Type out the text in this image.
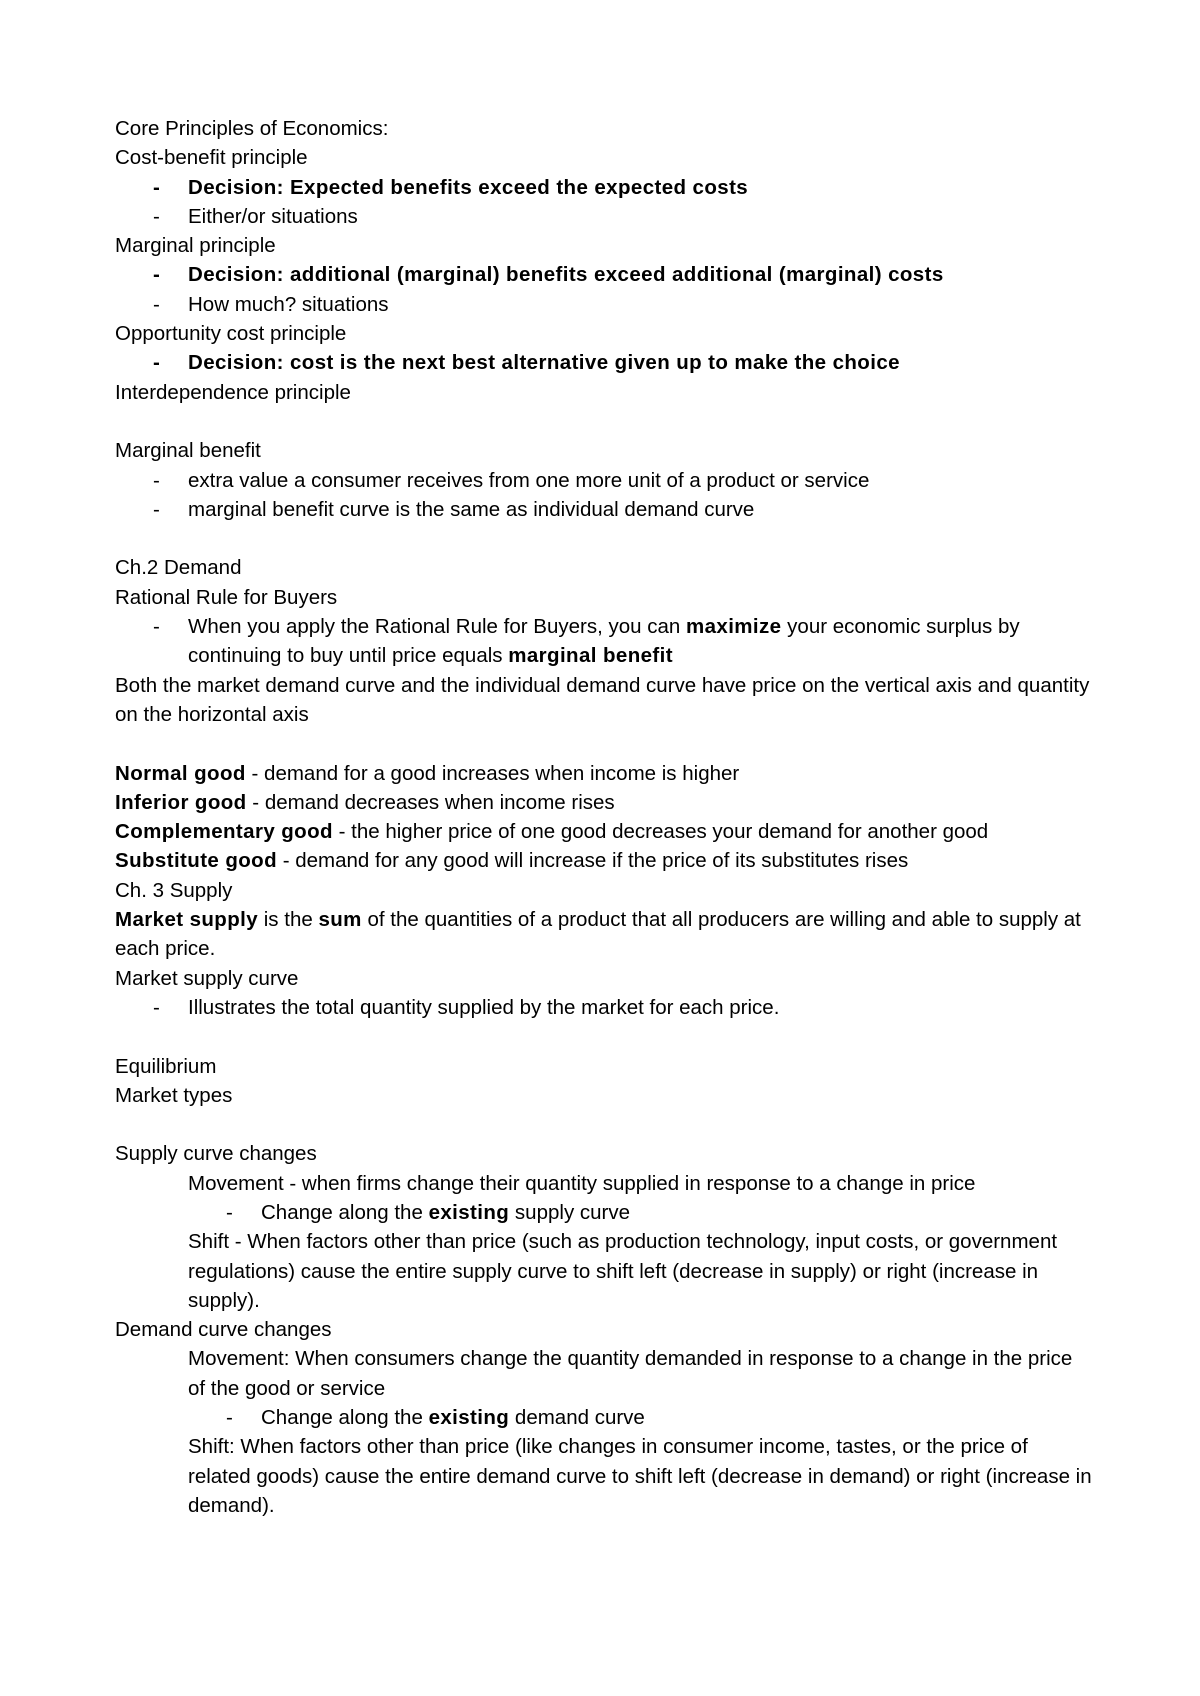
Core Principles of Economics:
Cost-benefit principle
- Decision: Expected benefits exceed the expected costs
- Either/or situations
Marginal principle
- Decision: additional (marginal) benefits exceed additional (marginal) costs
- How much? situations
Opportunity cost principle
- Decision: cost is the next best alternative given up to make the choice
Interdependence principle
Marginal benefit
- extra value a consumer receives from one more unit of a product or service
- marginal benefit curve is the same as individual demand curve
Ch.2 Demand
Rational Rule for Buyers
- When you apply the Rational Rule for Buyers, you can maximize your economic surplus by continuing to buy until price equals marginal benefit
Both the market demand curve and the individual demand curve have price on the vertical axis and quantity on the horizontal axis
Normal good - demand for a good increases when income is higher
Inferior good - demand decreases when income rises
Complementary good - the higher price of one good decreases your demand for another good
Substitute good - demand for any good will increase if the price of its substitutes rises
Ch. 3 Supply
Market supply is the sum of the quantities of a product that all producers are willing and able to supply at each price.
Market supply curve
- Illustrates the total quantity supplied by the market for each price.
Equilibrium
Market types
Supply curve changes
Movement - when firms change their quantity supplied in response to a change in price
- Change along the existing supply curve
Shift - When factors other than price (such as production technology, input costs, or government regulations) cause the entire supply curve to shift left (decrease in supply) or right (increase in supply).
Demand curve changes
Movement: When consumers change the quantity demanded in response to a change in the price of the good or service
- Change along the existing demand curve
Shift: When factors other than price (like changes in consumer income, tastes, or the price of related goods) cause the entire demand curve to shift left (decrease in demand) or right (increase in demand).
